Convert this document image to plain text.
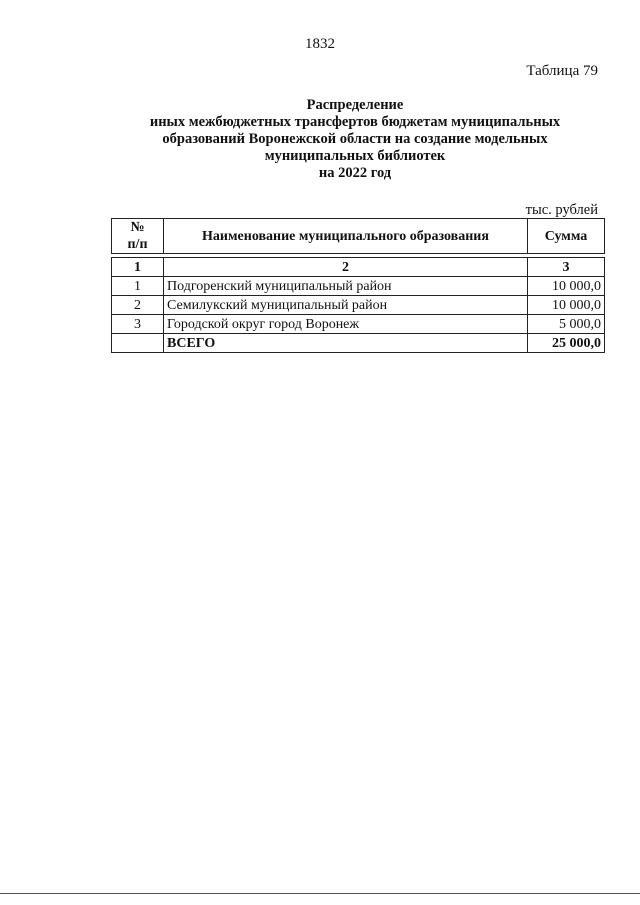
1832
Таблица 79
Распределение
иных межбюджетных трансфертов бюджетам муниципальных
образований Воронежской области на создание модельных
муниципальных библиотек
на 2022 год
тыс. рублей
№
п/п	Наименование муниципального образования	Сумма

1	2	3
1	Подгоренский муниципальный район	10 000,0
2	Семилукский муниципальный район	10 000,0
3	Городской округ город Воронеж	5 000,0
	ВСЕГО	25 000,0
